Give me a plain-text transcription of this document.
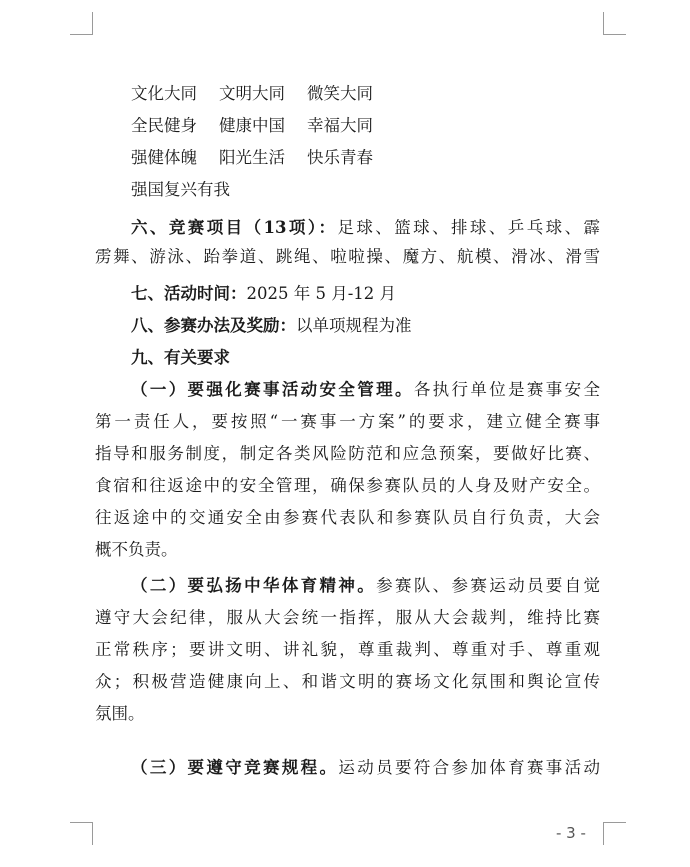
文化大同 文明大同 微笑大同
全民健身 健康中国 幸福大同
强健体魄 阳光生活 快乐青春
强国复兴有我
六、竞赛项目（13项）：足球、篮球、排球、乒乓球、霹
雳舞、游泳、跆拳道、跳绳、啦啦操、魔方、航模、滑冰、滑雪
七、活动时间：2025 年 5 月-12 月
八、参赛办法及奖励：以单项规程为准
九、有关要求
（一）要强化赛事活动安全管理。各执行单位是赛事安全
第一责任人，要按照“一赛事一方案”的要求，建立健全赛事
指导和服务制度，制定各类风险防范和应急预案，要做好比赛、
食宿和往返途中的安全管理，确保参赛队员的人身及财产安全。
往返途中的交通安全由参赛代表队和参赛队员自行负责，大会
概不负责。
（二）要弘扬中华体育精神。参赛队、参赛运动员要自觉
遵守大会纪律，服从大会统一指挥，服从大会裁判，维持比赛
正常秩序；要讲文明、讲礼貌，尊重裁判、尊重对手、尊重观
众；积极营造健康向上、和谐文明的赛场文化氛围和舆论宣传
氛围。
（三）要遵守竞赛规程。运动员要符合参加体育赛事活动
- 3 -
